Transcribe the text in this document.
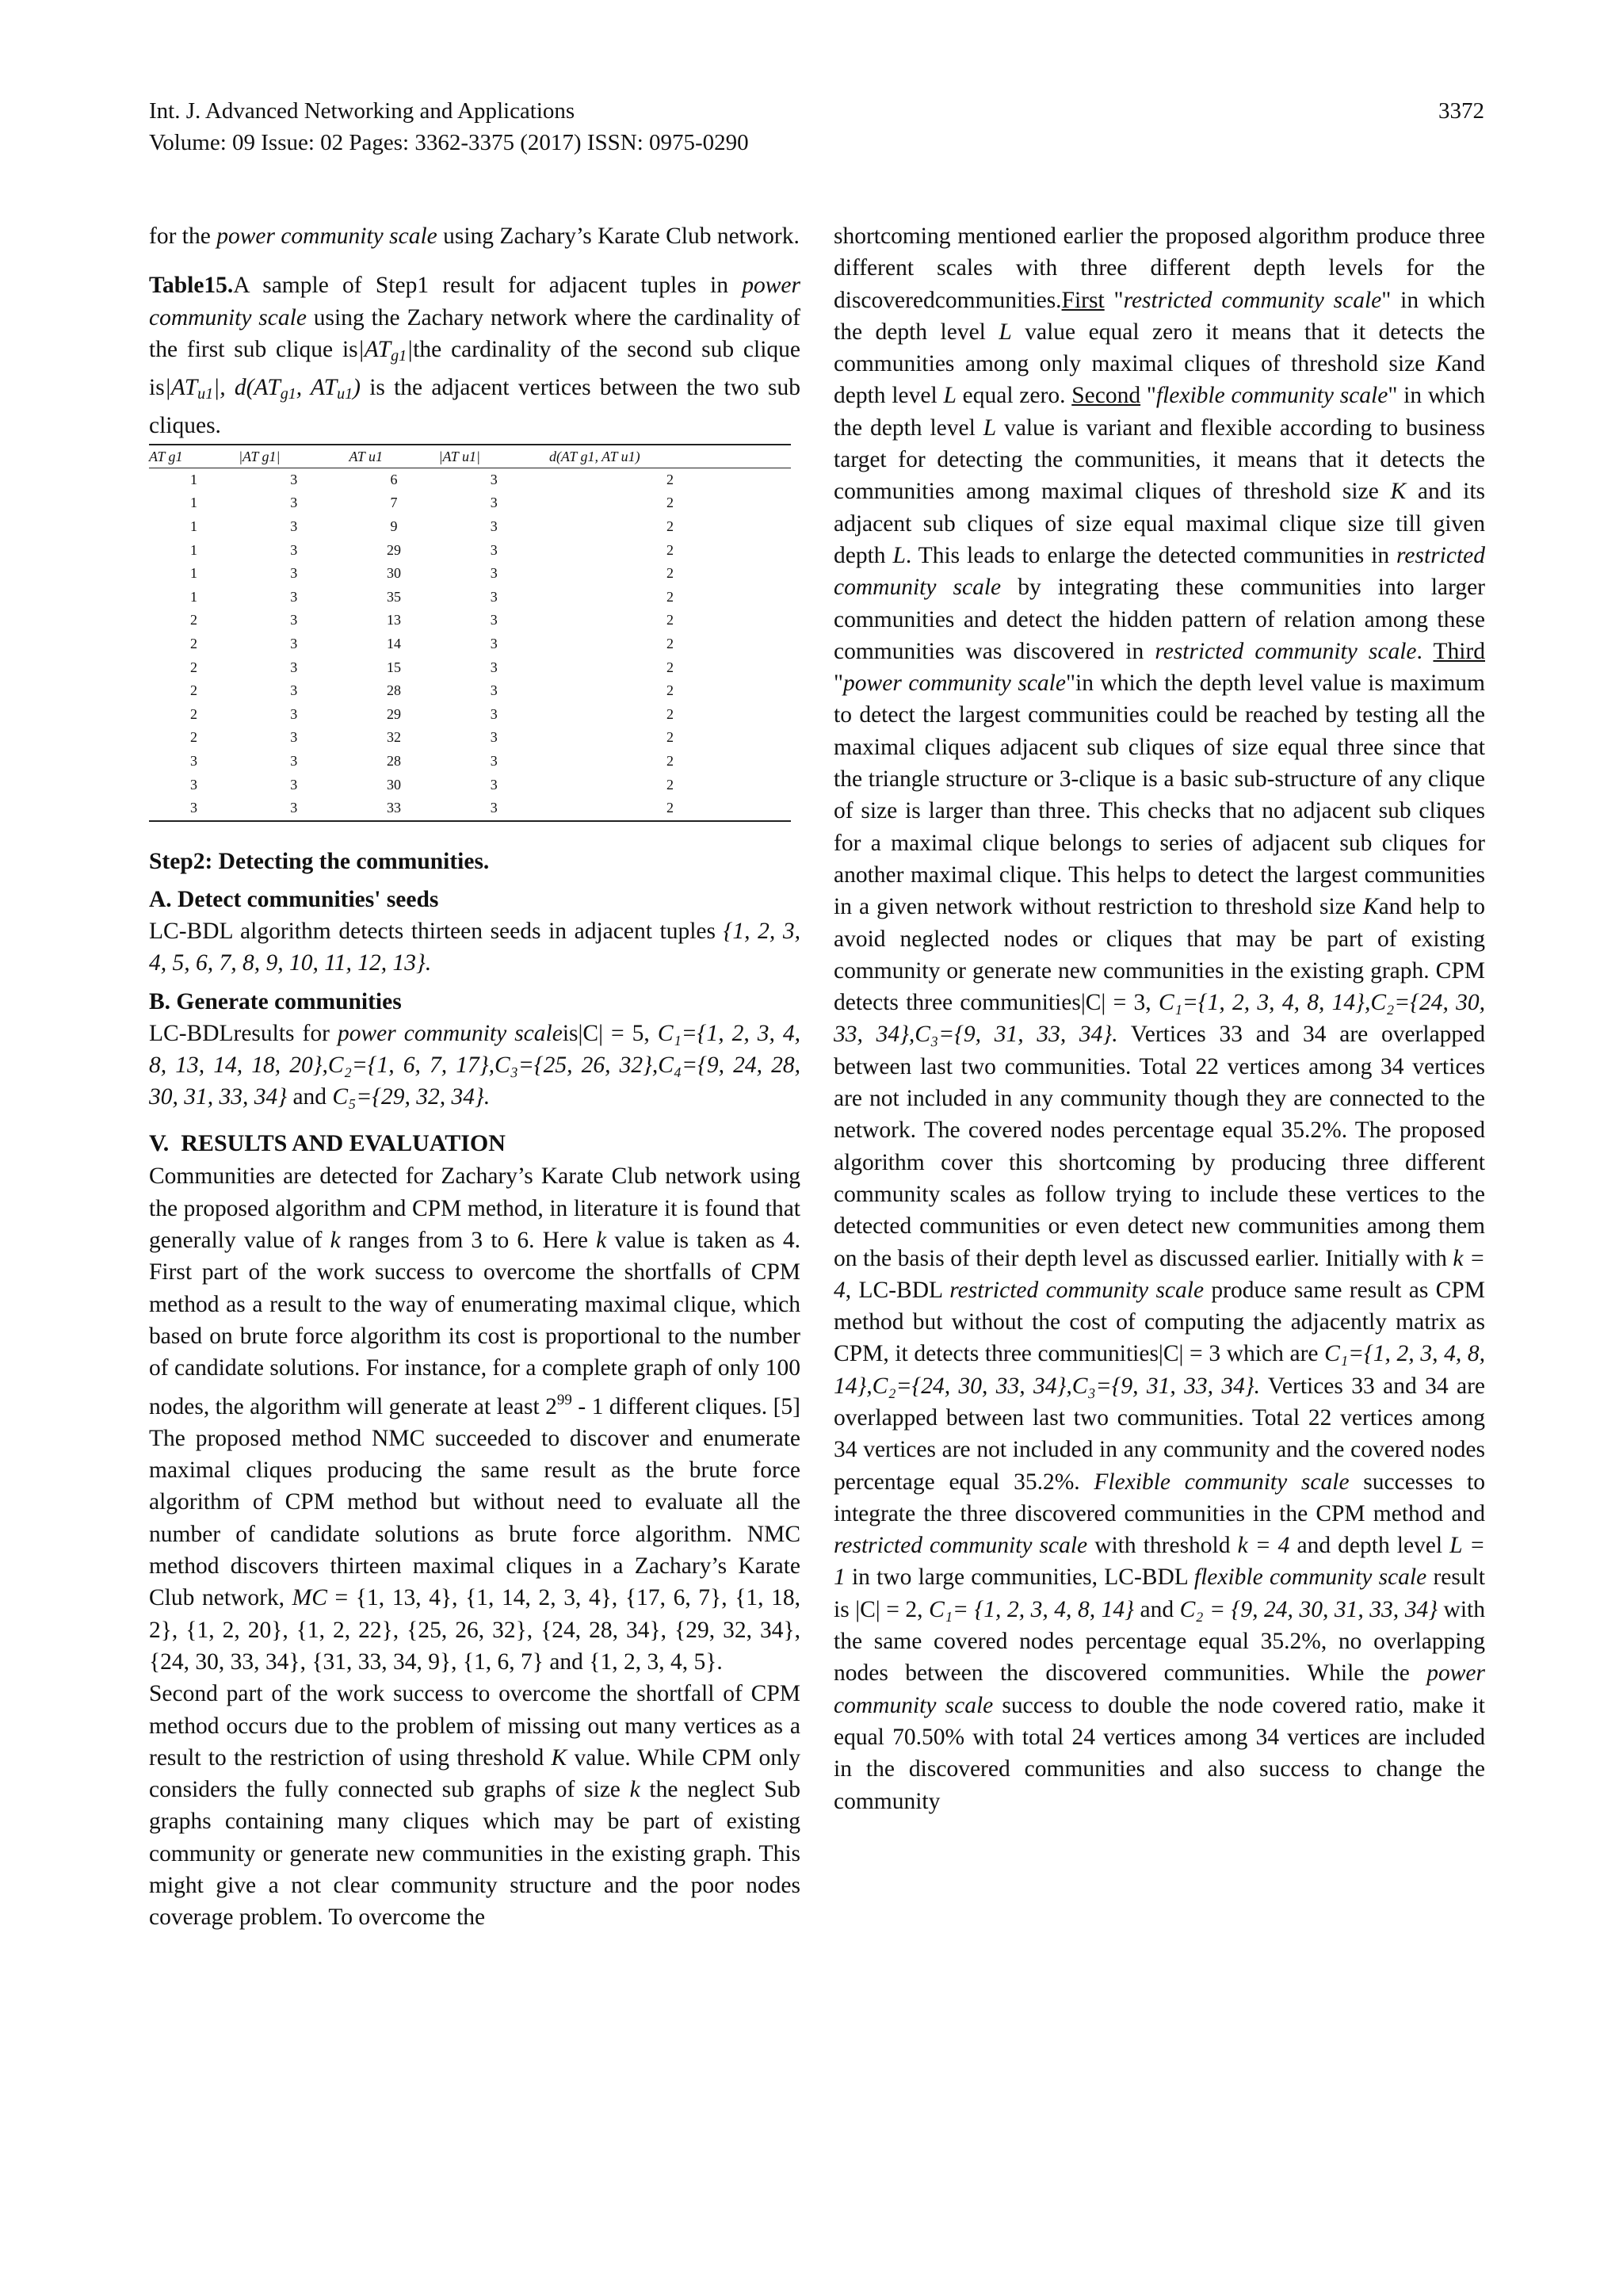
Int. J. Advanced Networking and Applications
Volume: 09 Issue: 02 Pages: 3362-3375 (2017) ISSN: 0975-0290
3372

for the power community scale using Zachary’s Karate Club network.

Table15.A sample of Step1 result for adjacent tuples in power community scale using the Zachary network where the cardinality of the first sub clique $is|AT_{g1}|the$ cardinality of the second sub clique $is|AT_{u1}|$, $d(AT_{g1}$, $AT_{u1}$) is the adjacent vertices between the two sub cliques.

AT g1	|AT g1|	AT u1	|AT u1|	d(AT g1, AT u1)
1	3	6	3	2
1	3	7	3	2
1	3	9	3	2
1	3	29	3	2
1	3	30	3	2
1	3	35	3	2
2	3	13	3	2
2	3	14	3	2
2	3	15	3	2
2	3	28	3	2
2	3	29	3	2
2	3	32	3	2
3	3	28	3	2
3	3	30	3	2
3	3	33	3	2

Step2: Detecting the communities.

A. Detect communities' seeds

LC-BDL algorithm detects thirteen seeds in adjacent tuples {1, 2, 3, 4, 5, 6, 7, 8, 9, 10, 11, 12, 13}.

B. Generate communities

LC-BDLresults for power community scaleis|C| = 5, C₁={1, 2, 3, 4, 8, 13, 14, 18, 20},C₂={1, 6, 7, 17},C₃={25, 26, 32},C₄={9, 24, 28, 30, 31, 33, 34} and C₅={29, 32, 34}.

V. RESULTS AND EVALUATION

Communities are detected for Zachary’s Karate Club network using the proposed algorithm and CPM method, in literature it is found that generally value of k ranges from 3 to 6. Here k value is taken as 4. First part of the work success to overcome the shortfalls of CPM method as a result to the way of enumerating maximal clique, which based on brute force algorithm its cost is proportional to the number of candidate solutions. For instance, for a complete graph of only 100 nodes, the algorithm will generate at least $2^{99} - 1$ different cliques. [5] The proposed method NMC succeeded to discover and enumerate maximal cliques producing the same result as the brute force algorithm of CPM method but without need to evaluate all the number of candidate solutions as brute force algorithm. NMC method discovers thirteen maximal cliques in a Zachary’s Karate Club network, MC = {1, 13, 4}, {1, 14, 2, 3, 4}, {17, 6, 7}, {1, 18, 2}, {1, 2, 20}, {1, 2, 22}, {25, 26, 32}, {24, 28, 34}, {29, 32, 34}, {24, 30, 33, 34}, {31, 33, 34, 9}, {1, 6, 7} and {1, 2, 3, 4, 5}.

Second part of the work success to overcome the shortfall of CPM method occurs due to the problem of missing out many vertices as a result to the restriction of using threshold K value. While CPM only considers the fully connected sub graphs of size k the neglect Sub graphs containing many cliques which may be part of existing community or generate new communities in the existing graph. This might give a not clear community structure and the poor nodes coverage problem. To overcome the

shortcoming mentioned earlier the proposed algorithm produce three different scales with three different depth levels for the discoveredcommunities.First "restricted community scale" in which the depth level L value equal zero it means that it detects the communities among only maximal cliques of threshold size Kand depth level L equal zero. Second "flexible community scale" in which the depth level L value is variant and flexible according to business target for detecting the communities, it means that it detects the communities among maximal cliques of threshold size K and its adjacent sub cliques of size equal maximal clique size till given depth L. This leads to enlarge the detected communities in restricted community scale by integrating these communities into larger communities and detect the hidden pattern of relation among these communities was discovered in restricted community scale. Third "power community scale"in which the depth level value is maximum to detect the largest communities could be reached by testing all the maximal cliques adjacent sub cliques of size equal three since that the triangle structure or 3-clique is a basic sub-structure of any clique of size is larger than three. This checks that no adjacent sub cliques for a maximal clique belongs to series of adjacent sub cliques for another maximal clique. This helps to detect the largest communities in a given network without restriction to threshold size Kand help to avoid neglected nodes or cliques that may be part of existing community or generate new communities in the existing graph. CPM detects three communities|C| = 3, C₁={1, 2, 3, 4, 8, 14},C₂={24, 30, 33, 34},C₃={9, 31, 33, 34}. Vertices 33 and 34 are overlapped between last two communities. Total 22 vertices among 34 vertices are not included in any community though they are connected to the network. The covered nodes percentage equal 35.2%. The proposed algorithm cover this shortcoming by producing three different community scales as follow trying to include these vertices to the detected communities or even detect new communities among them on the basis of their depth level as discussed earlier. Initially with k = 4, LC-BDL restricted community scale produce same result as CPM method but without the cost of computing the adjacently matrix as CPM, it detects three communities|C| = 3 which are C₁={1, 2, 3, 4, 8, 14},C₂={24, 30, 33, 34},C₃={9, 31, 33, 34}. Vertices 33 and 34 are overlapped between last two communities. Total 22 vertices among 34 vertices are not included in any community and the covered nodes percentage equal 35.2%. Flexible community scale successes to integrate the three discovered communities in the CPM method and restricted community scale with threshold k = 4 and depth level L = 1 in two large communities, LC-BDL flexible community scale result is |C| = 2, C₁= {1, 2, 3, 4, 8, 14} and C₂ = {9, 24, 30, 31, 33, 34} with the same covered nodes percentage equal 35.2%, no overlapping nodes between the discovered communities. While the power community scale success to double the node covered ratio, make it equal 70.50% with total 24 vertices among 34 vertices are included in the discovered communities and also success to change the community
